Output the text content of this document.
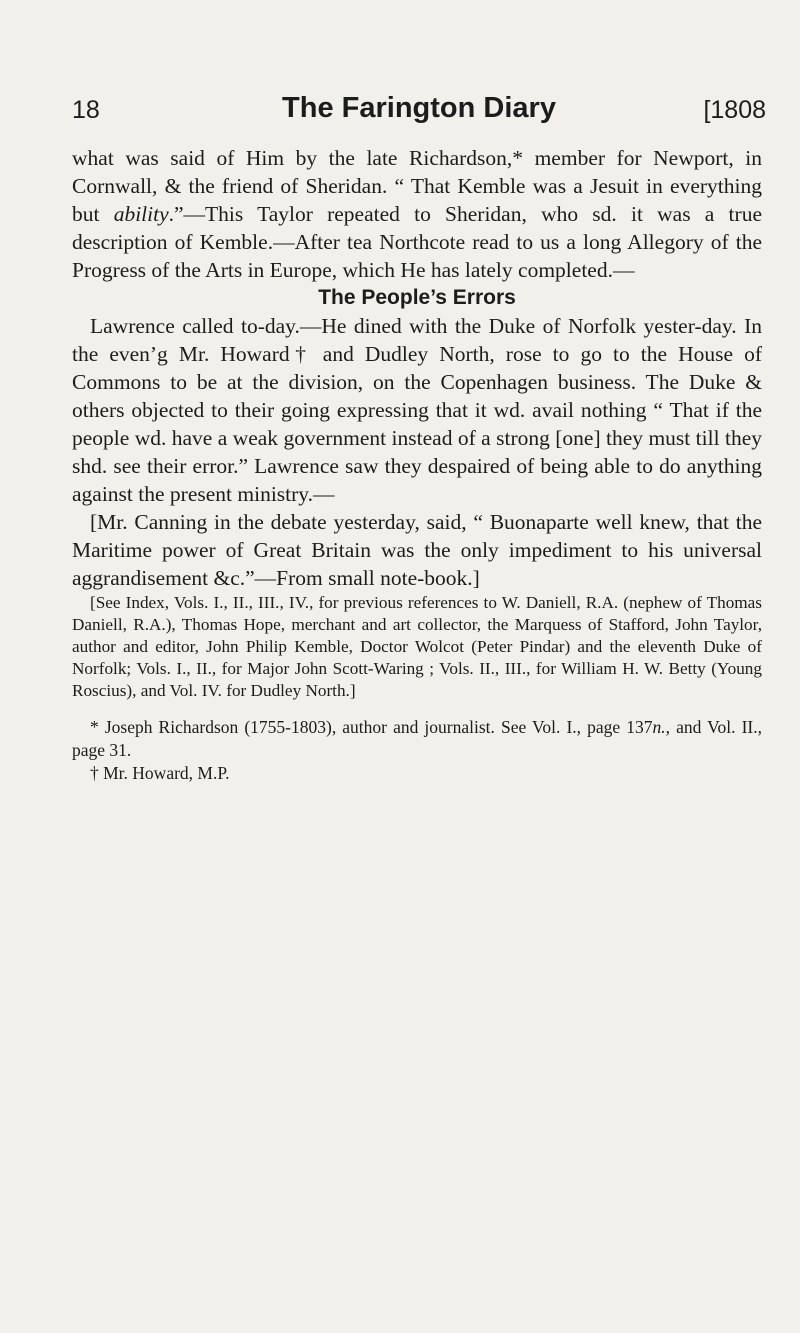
18	The Farington Diary	[1808

what was said of Him by the late Richardson,* member for Newport, in Cornwall, & the friend of Sheridan. “ That Kemble was a Jesuit in everything but ability.”—This Taylor repeated to Sheridan, who sd. it was a true description of Kemble.—After tea Northcote read to us a long Allegory of the Progress of the Arts in Europe, which He has lately completed.—

The People’s Errors

Lawrence called to-day.—He dined with the Duke of Norfolk yester-day. In the even’g Mr. Howard† and Dudley North, rose to go to the House of Commons to be at the division, on the Copenhagen business. The Duke & others objected to their going expressing that it wd. avail nothing “ That if the people wd. have a weak government instead of a strong [one] they must till they shd. see their error.” Lawrence saw they despaired of being able to do anything against the present ministry.—

[Mr. Canning in the debate yesterday, said, “ Buonaparte well knew, that the Maritime power of Great Britain was the only impediment to his universal aggrandisement &c.”—From small note-book.]

[See Index, Vols. I., II., III., IV., for previous references to W. Daniell, R.A. (nephew of Thomas Daniell, R.A.), Thomas Hope, merchant and art collector, the Marquess of Stafford, John Taylor, author and editor, John Philip Kemble, Doctor Wolcot (Peter Pindar) and the eleventh Duke of Norfolk; Vols. I., II., for Major John Scott-Waring ; Vols. II., III., for William H. W. Betty (Young Roscius), and Vol. IV. for Dudley North.]

* Joseph Richardson (1755-1803), author and journalist. See Vol. I., page 137n., and Vol. II., page 31.

† Mr. Howard, M.P.
